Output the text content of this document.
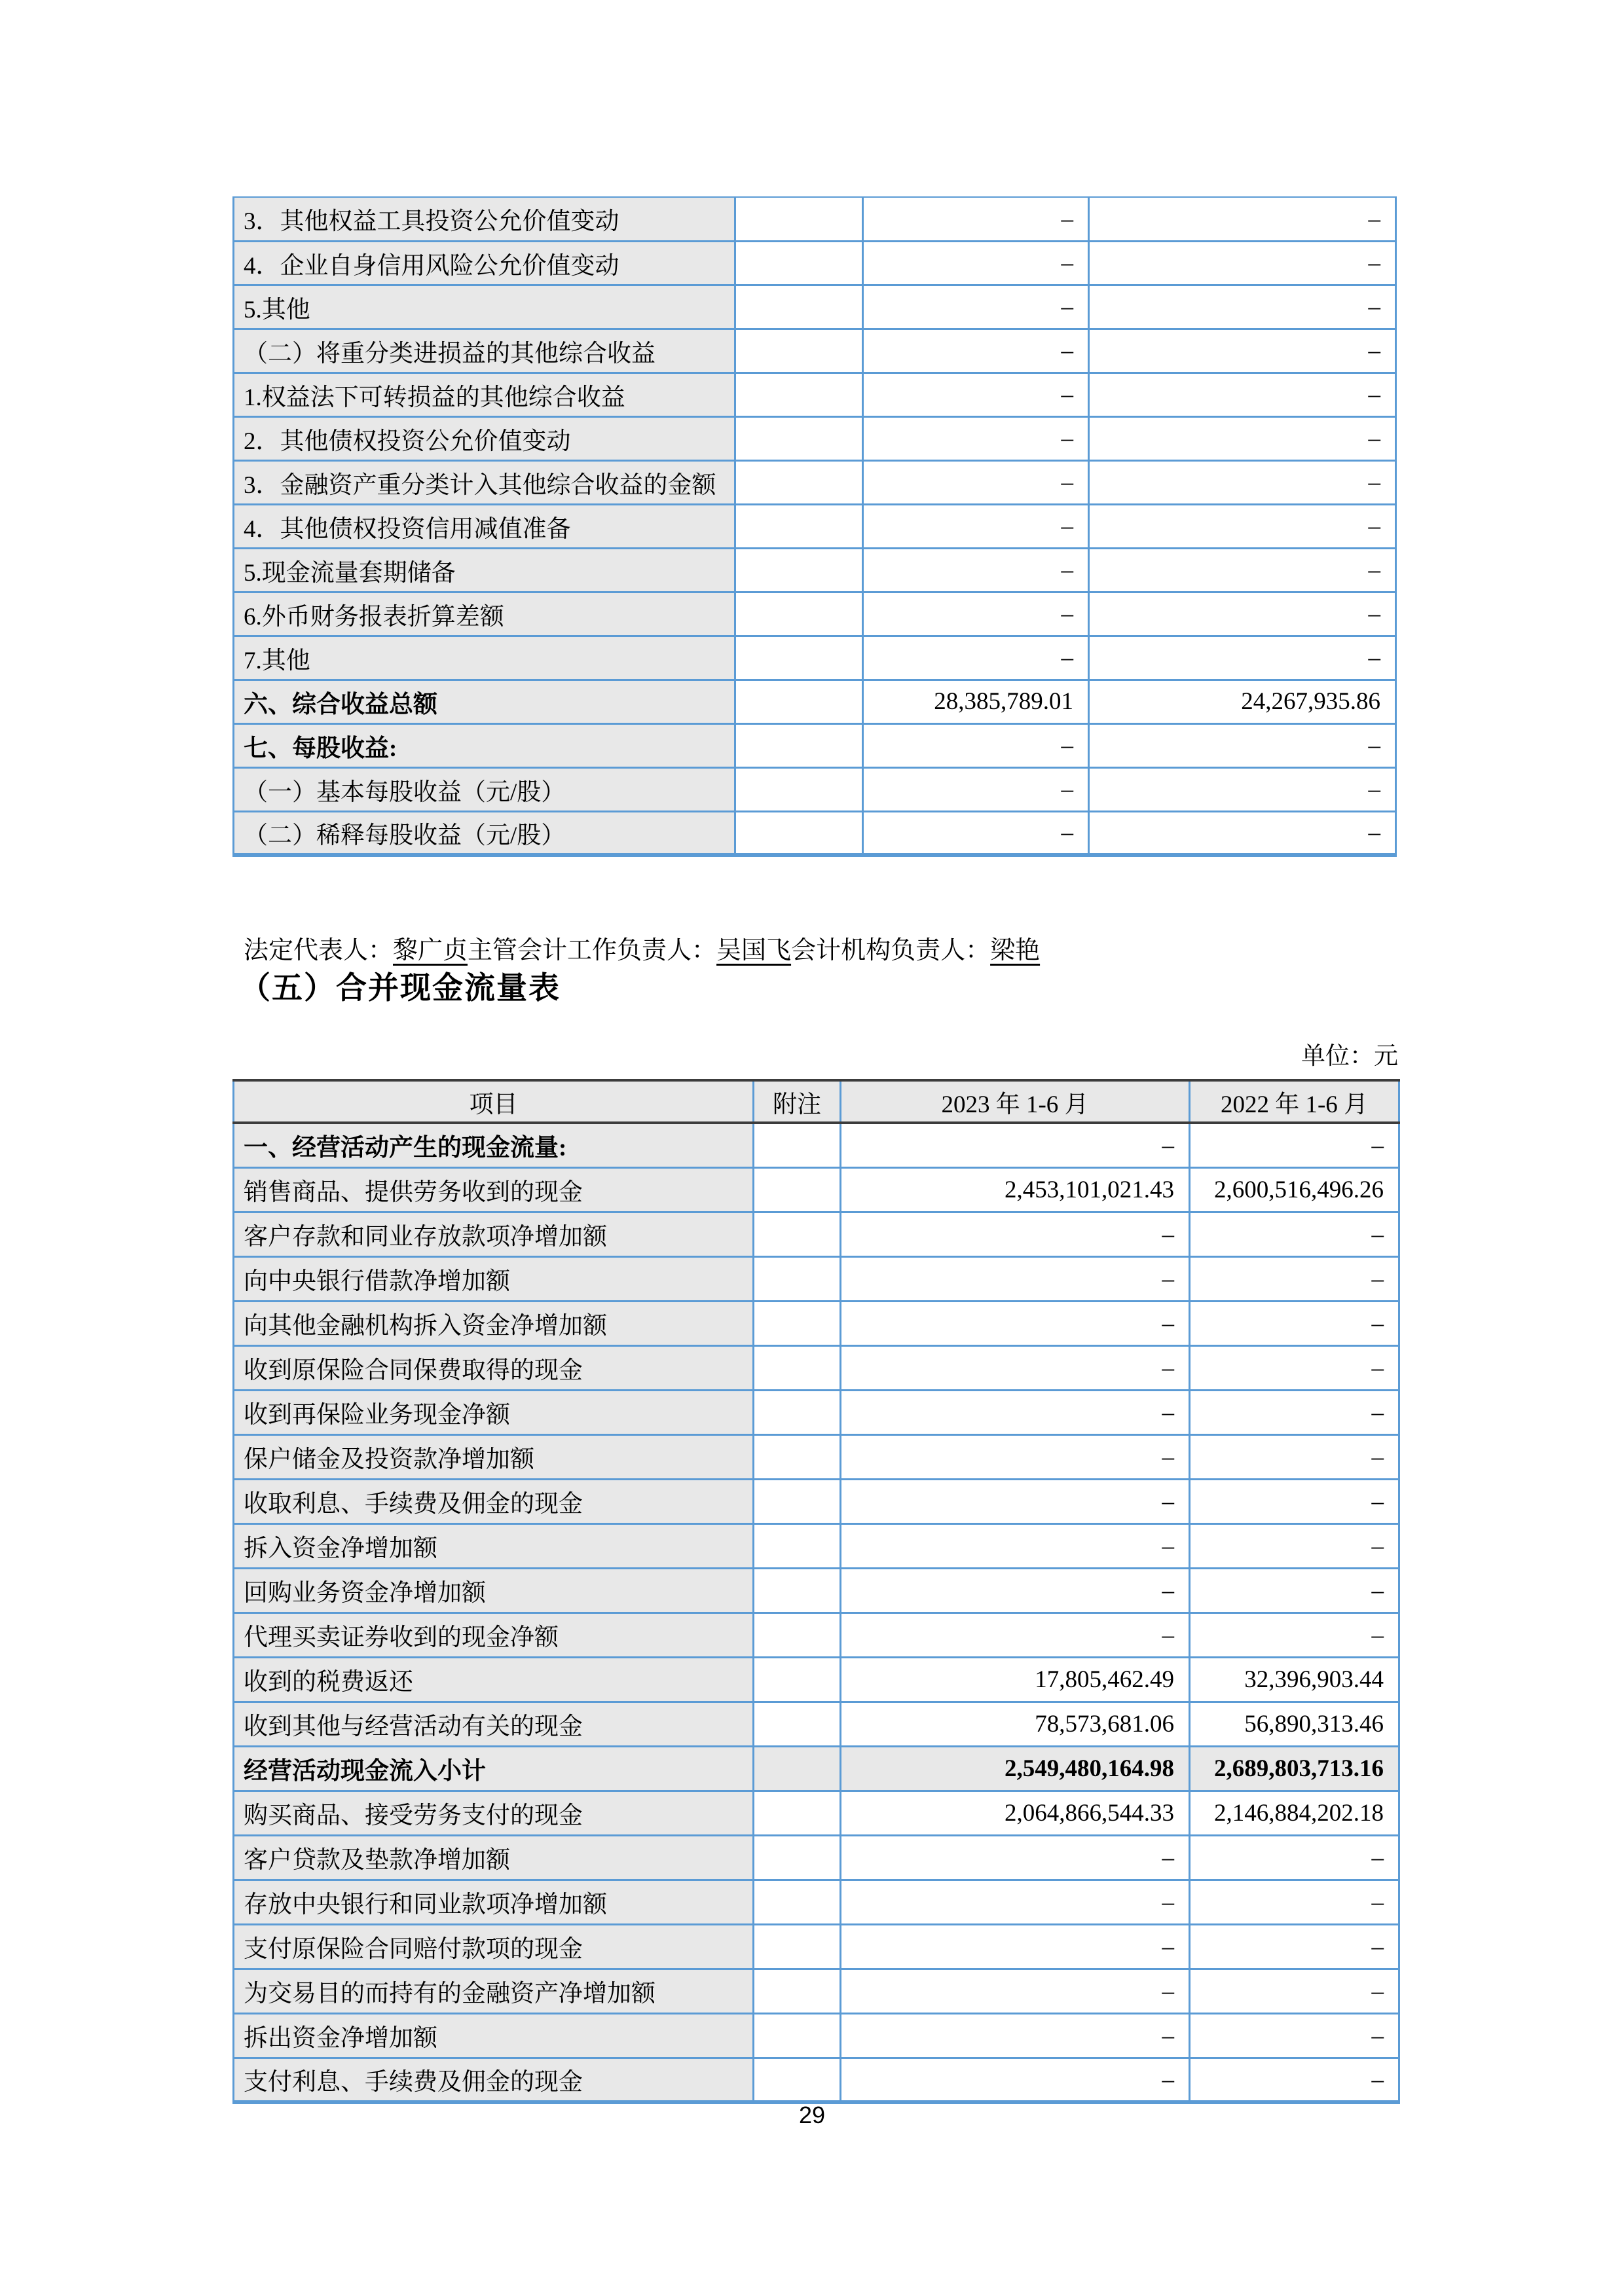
3．其他权益工具投资公允价值变动		–	–
4．企业自身信用风险公允价值变动		–	–
5.其他		–	–
（二）将重分类进损益的其他综合收益		–	–
1.权益法下可转损益的其他综合收益		–	–
2．其他债权投资公允价值变动		–	–
3．金融资产重分类计入其他综合收益的金额		–	–
4．其他债权投资信用减值准备		–	–
5.现金流量套期储备		–	–
6.外币财务报表折算差额		–	–
7.其他		–	–
六、综合收益总额		28,385,789.01	24,267,935.86
七、每股收益:		–	–
（一）基本每股收益（元/股）		–	–
（二）稀释每股收益（元/股）		–	–

法定代表人：黎广贞主管会计工作负责人：吴国飞会计机构负责人：梁艳

（五）合并现金流量表
单位：元
项目	附注	2023 年 1-6 月	2022 年 1-6 月
一、经营活动产生的现金流量:		–	–
销售商品、提供劳务收到的现金		2,453,101,021.43	2,600,516,496.26
客户存款和同业存放款项净增加额		–	–
向中央银行借款净增加额		–	–
向其他金融机构拆入资金净增加额		–	–
收到原保险合同保费取得的现金		–	–
收到再保险业务现金净额		–	–
保户储金及投资款净增加额		–	–
收取利息、手续费及佣金的现金		–	–
拆入资金净增加额		–	–
回购业务资金净增加额		–	–
代理买卖证券收到的现金净额		–	–
收到的税费返还		17,805,462.49	32,396,903.44
收到其他与经营活动有关的现金		78,573,681.06	56,890,313.46
经营活动现金流入小计		2,549,480,164.98	2,689,803,713.16
购买商品、接受劳务支付的现金		2,064,866,544.33	2,146,884,202.18
客户贷款及垫款净增加额		–	–
存放中央银行和同业款项净增加额		–	–
支付原保险合同赔付款项的现金		–	–
为交易目的而持有的金融资产净增加额		–	–
拆出资金净增加额		–	–
支付利息、手续费及佣金的现金		–	–
29
